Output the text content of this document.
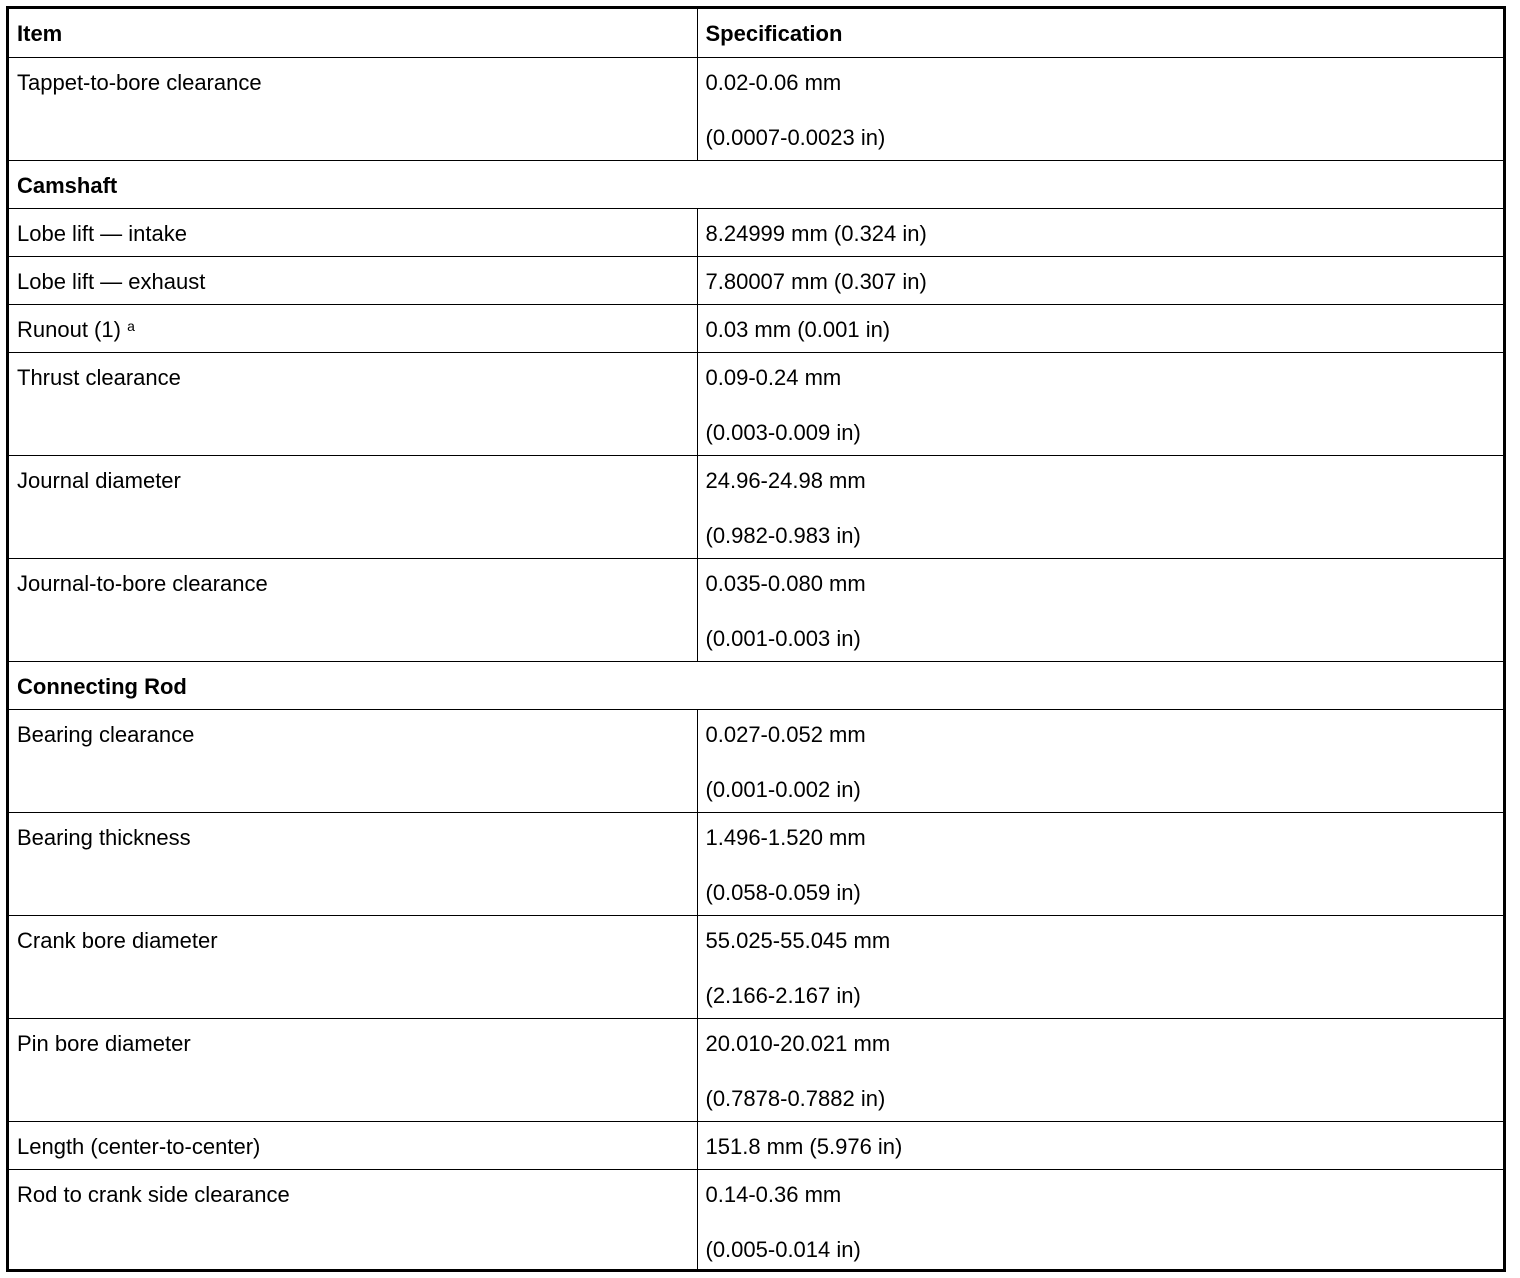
Item	Specification
Tappet-to-bore clearance	0.02-0.06 mm
(0.0007-0.0023 in)

Camshaft	
Lobe lift — intake	8.24999 mm (0.324 in)
Lobe lift — exhaust	7.80007 mm (0.307 in)
Runout (1) $^a$	0.03 mm (0.001 in)
Thrust clearance	0.09-0.24 mm
(0.003-0.009 in)

Journal diameter	24.96-24.98 mm
(0.982-0.983 in)

Journal-to-bore clearance	0.035-0.080 mm
(0.001-0.003 in)

Connecting Rod	
Bearing clearance	0.027-0.052 mm
(0.001-0.002 in)

Bearing thickness	1.496-1.520 mm
(0.058-0.059 in)

Crank bore diameter	55.025-55.045 mm
(2.166-2.167 in)

Pin bore diameter	20.010-20.021 mm
(0.7878-0.7882 in)

Length (center-to-center)	151.8 mm (5.976 in)
Rod to crank side clearance	0.14-0.36 mm
(0.005-0.014 in)
